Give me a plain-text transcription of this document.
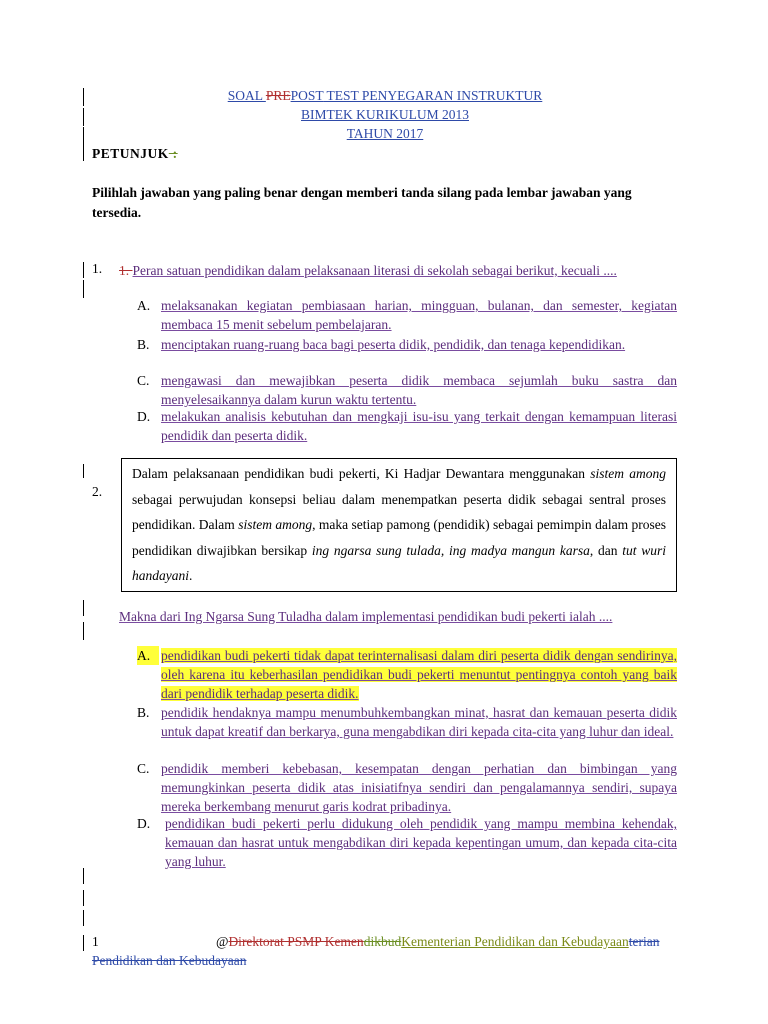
SOAL PREPOST TEST PENYEGARAN INSTRUKTUR
BIMTEK KURIKULUM 2013
TAHUN 2017
PETUNJUK :
Pilihlah jawaban yang paling benar dengan memberi tanda silang pada lembar jawaban yang tersedia.
1. 1. Peran satuan pendidikan dalam pelaksanaan literasi di sekolah sebagai berikut, kecuali ....
A. melaksanakan kegiatan pembiasaan harian, mingguan, bulanan, dan semester, kegiatan membaca 15 menit sebelum pembelajaran.
B. menciptakan ruang-ruang baca bagi peserta didik, pendidik, dan tenaga kependidikan.
C. mengawasi dan mewajibkan peserta didik membaca sejumlah buku sastra dan menyelesaikannya dalam kurun waktu tertentu.
D. melakukan analisis kebutuhan dan mengkaji isu-isu yang terkait dengan kemampuan literasi pendidik dan peserta didik.
2.
Dalam pelaksanaan pendidikan budi pekerti, Ki Hadjar Dewantara menggunakan sistem among sebagai perwujudan konsepsi beliau dalam menempatkan peserta didik sebagai sentral proses pendidikan. Dalam sistem among, maka setiap pamong (pendidik) sebagai pemimpin dalam proses pendidikan diwajibkan bersikap ing ngarsa sung tulada, ing madya mangun karsa, dan tut wuri handayani.
Makna dari Ing Ngarsa Sung Tuladha dalam implementasi pendidikan budi pekerti ialah ....
A. pendidikan budi pekerti tidak dapat terinternalisasi dalam diri peserta didik dengan sendirinya, oleh karena itu keberhasilan pendidikan budi pekerti menuntut pentingnya contoh yang baik dari pendidik terhadap peserta didik.
B. pendidik hendaknya mampu menumbuhkembangkan minat, hasrat dan kemauan peserta didik untuk dapat kreatif dan berkarya, guna mengabdikan diri kepada cita-cita yang luhur dan ideal.
C. pendidik memberi kebebasan, kesempatan dengan perhatian dan bimbingan yang memungkinkan peserta didik atas inisiatifnya sendiri dan pengalamannya sendiri, supaya mereka berkembang menurut garis kodrat pribadinya.
D.	pendidikan budi pekerti perlu didukung oleh pendidik yang mampu membina kehendak, kemauan dan hasrat untuk mengabdikan diri kepada kepentingan umum, dan kepada cita-cita yang luhur.
1	@Direktorat PSMP KemendikbudKementerian Pendidikan dan Kebudayaanterian Pendidikan dan Kebudayaan
